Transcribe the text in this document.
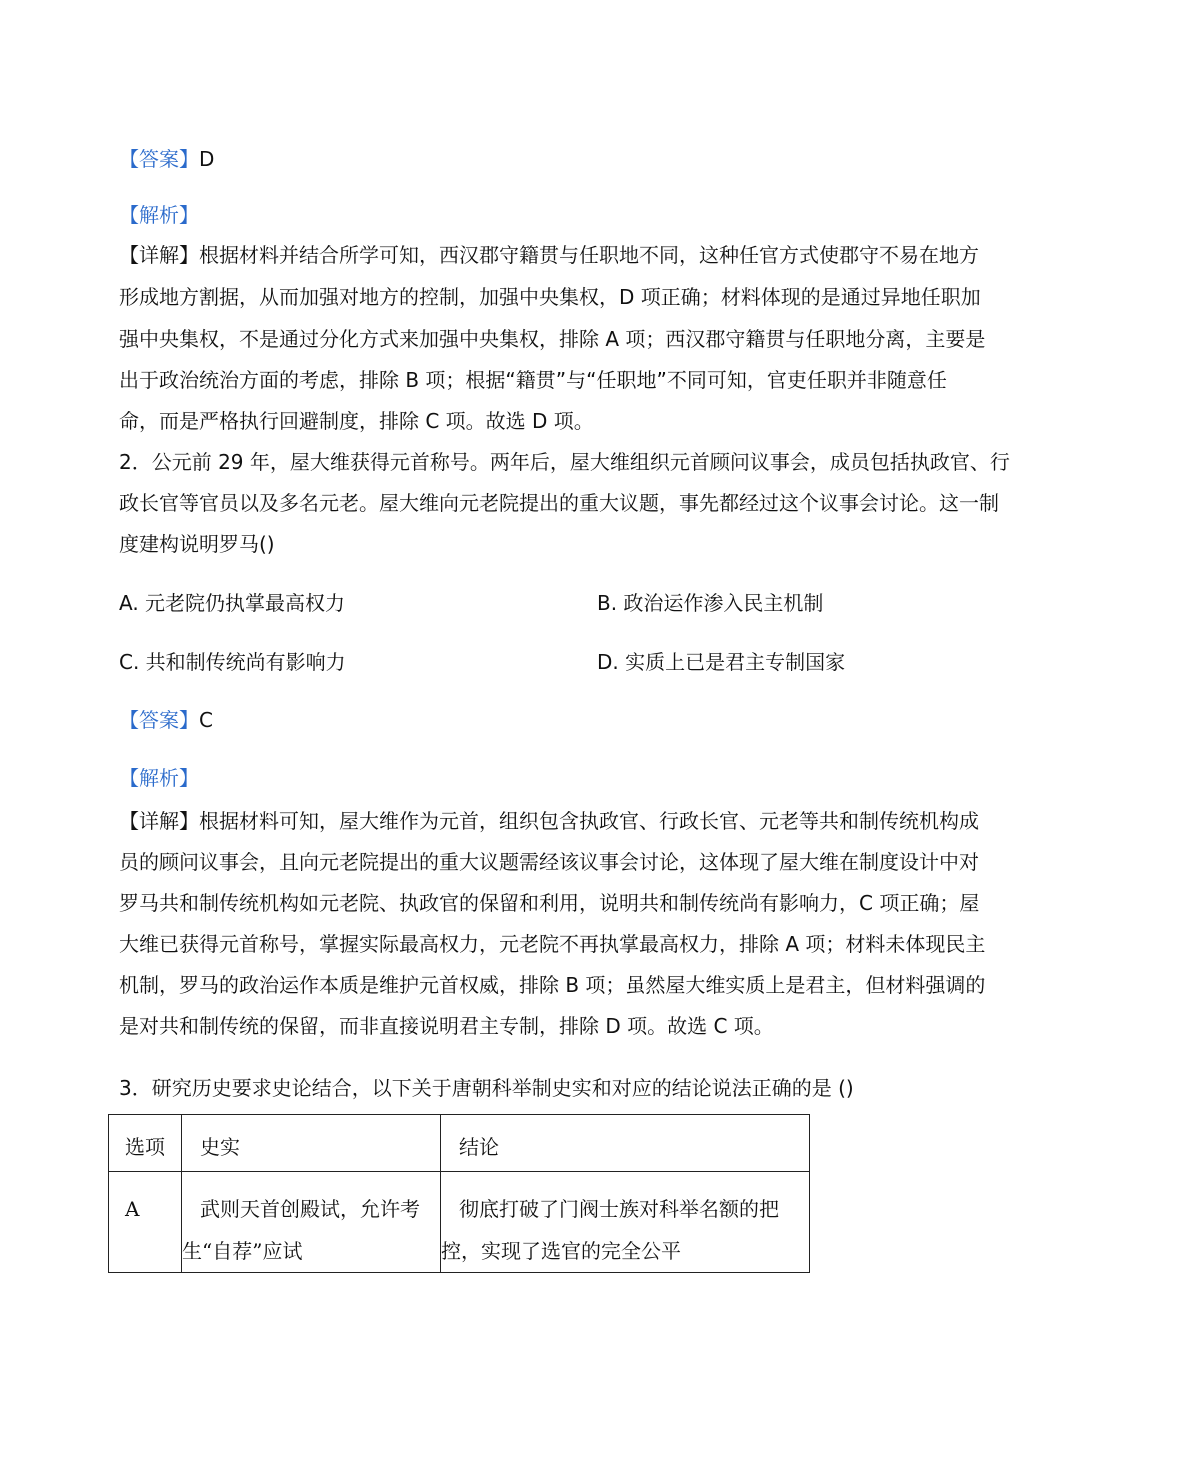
【答案】D
【解析】
【详解】根据材料并结合所学可知，西汉郡守籍贯与任职地不同，这种任官方式使郡守不易在地方
形成地方割据，从而加强对地方的控制，加强中央集权，D 项正确；材料体现的是通过异地任职加
强中央集权，不是通过分化方式来加强中央集权，排除 A 项；西汉郡守籍贯与任职地分离，主要是
出于政治统治方面的考虑，排除 B 项；根据“籍贯”与“任职地”不同可知，官吏任职并非随意任
命，而是严格执行回避制度，排除 C 项。故选 D 项。
2．公元前 29 年，屋大维获得元首称号。两年后，屋大维组织元首顾问议事会，成员包括执政官、行
政长官等官员以及多名元老。屋大维向元老院提出的重大议题，事先都经过这个议事会讨论。这一制
度建构说明罗马()
A. 元老院仍执掌最高权力	B. 政治运作渗入民主机制
C. 共和制传统尚有影响力	D. 实质上已是君主专制国家
【答案】C
【解析】
【详解】根据材料可知，屋大维作为元首，组织包含执政官、行政长官、元老等共和制传统机构成
员的顾问议事会，且向元老院提出的重大议题需经该议事会讨论，这体现了屋大维在制度设计中对
罗马共和制传统机构如元老院、执政官的保留和利用，说明共和制传统尚有影响力，C 项正确；屋
大维已获得元首称号，掌握实际最高权力，元老院不再执掌最高权力，排除 A 项；材料未体现民主
机制，罗马的政治运作本质是维护元首权威，排除 B 项；虽然屋大维实质上是君主，但材料强调的
是对共和制传统的保留，而非直接说明君主专制，排除 D 项。故选 C 项。
3．研究历史要求史论结合，以下关于唐朝科举制史实和对应的结论说法正确的是 ()
选项	史实	结论

A	武则天首创殿试，允许考生“自荐”应试	彻底打破了门阀士族对科举名额的把控，实现了选官的完全公平
